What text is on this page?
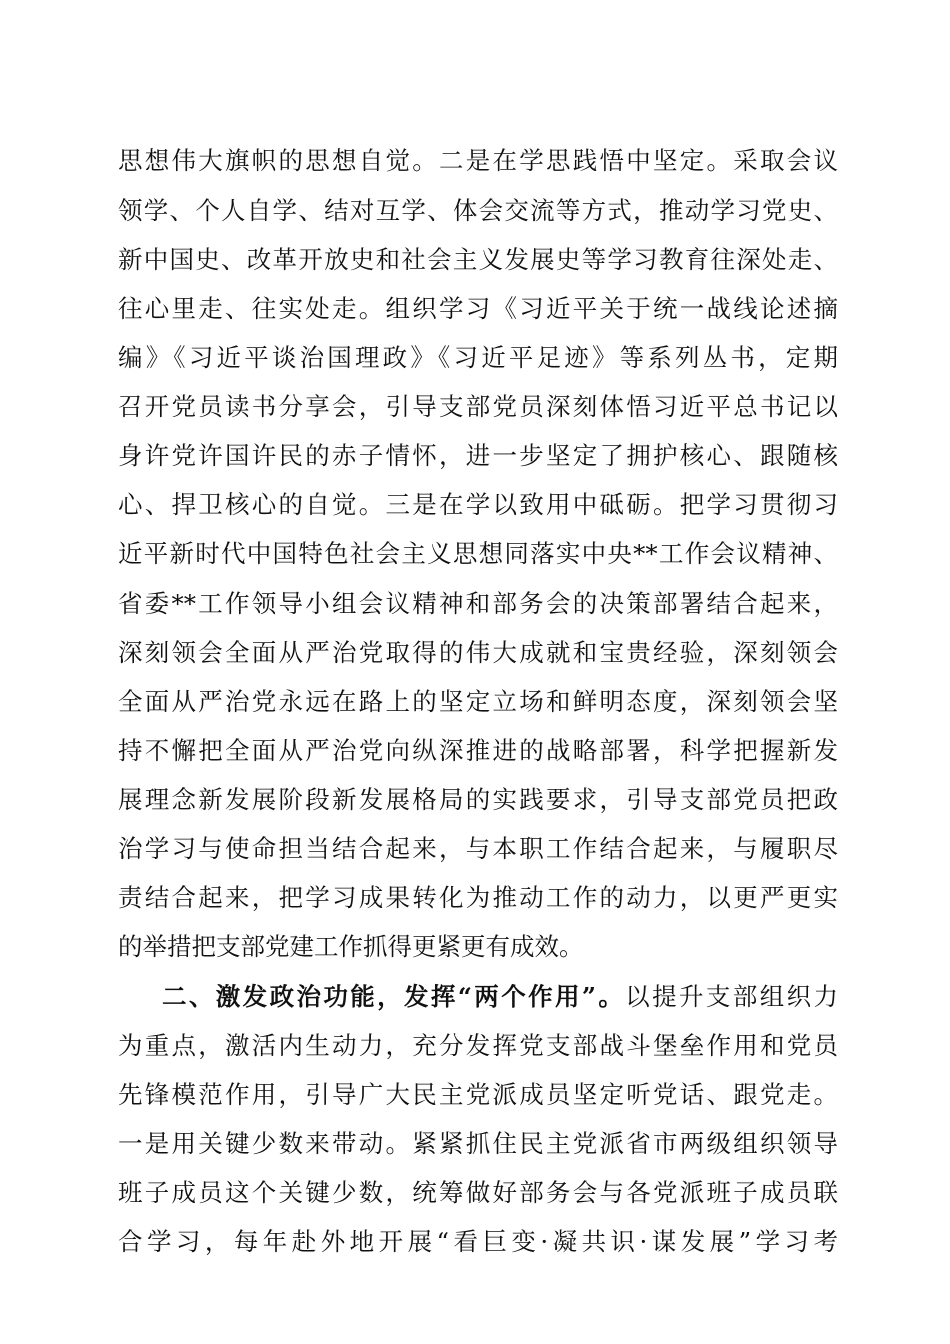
思想伟大旗帜的思想自觉。二是在学思践悟中坚定。采取会议
领学、个人自学、结对互学、体会交流等方式，推动学习党史、
新中国史、改革开放史和社会主义发展史等学习教育往深处走、
往心里走、往实处走。组织学习《习近平关于统一战线论述摘
编》《习近平谈治国理政》《习近平足迹》等系列丛书，定期
召开党员读书分享会，引导支部党员深刻体悟习近平总书记以
身许党许国许民的赤子情怀，进一步坚定了拥护核心、跟随核
心、捍卫核心的自觉。三是在学以致用中砥砺。把学习贯彻习
近平新时代中国特色社会主义思想同落实中央**工作会议精神、
省委**工作领导小组会议精神和部务会的决策部署结合起来，
深刻领会全面从严治党取得的伟大成就和宝贵经验，深刻领会
全面从严治党永远在路上的坚定立场和鲜明态度，深刻领会坚
持不懈把全面从严治党向纵深推进的战略部署，科学把握新发
展理念新发展阶段新发展格局的实践要求，引导支部党员把政
治学习与使命担当结合起来，与本职工作结合起来，与履职尽
责结合起来，把学习成果转化为推动工作的动力，以更严更实
的举措把支部党建工作抓得更紧更有成效。
二、激发政治功能，发挥“两个作用”。以提升支部组织力
为重点，激活内生动力，充分发挥党支部战斗堡垒作用和党员
先锋模范作用，引导广大民主党派成员坚定听党话、跟党走。
一是用关键少数来带动。紧紧抓住民主党派省市两级组织领导
班子成员这个关键少数，统筹做好部务会与各党派班子成员联
合学习，每年赴外地开展“看巨变·凝共识·谋发展”学习考
